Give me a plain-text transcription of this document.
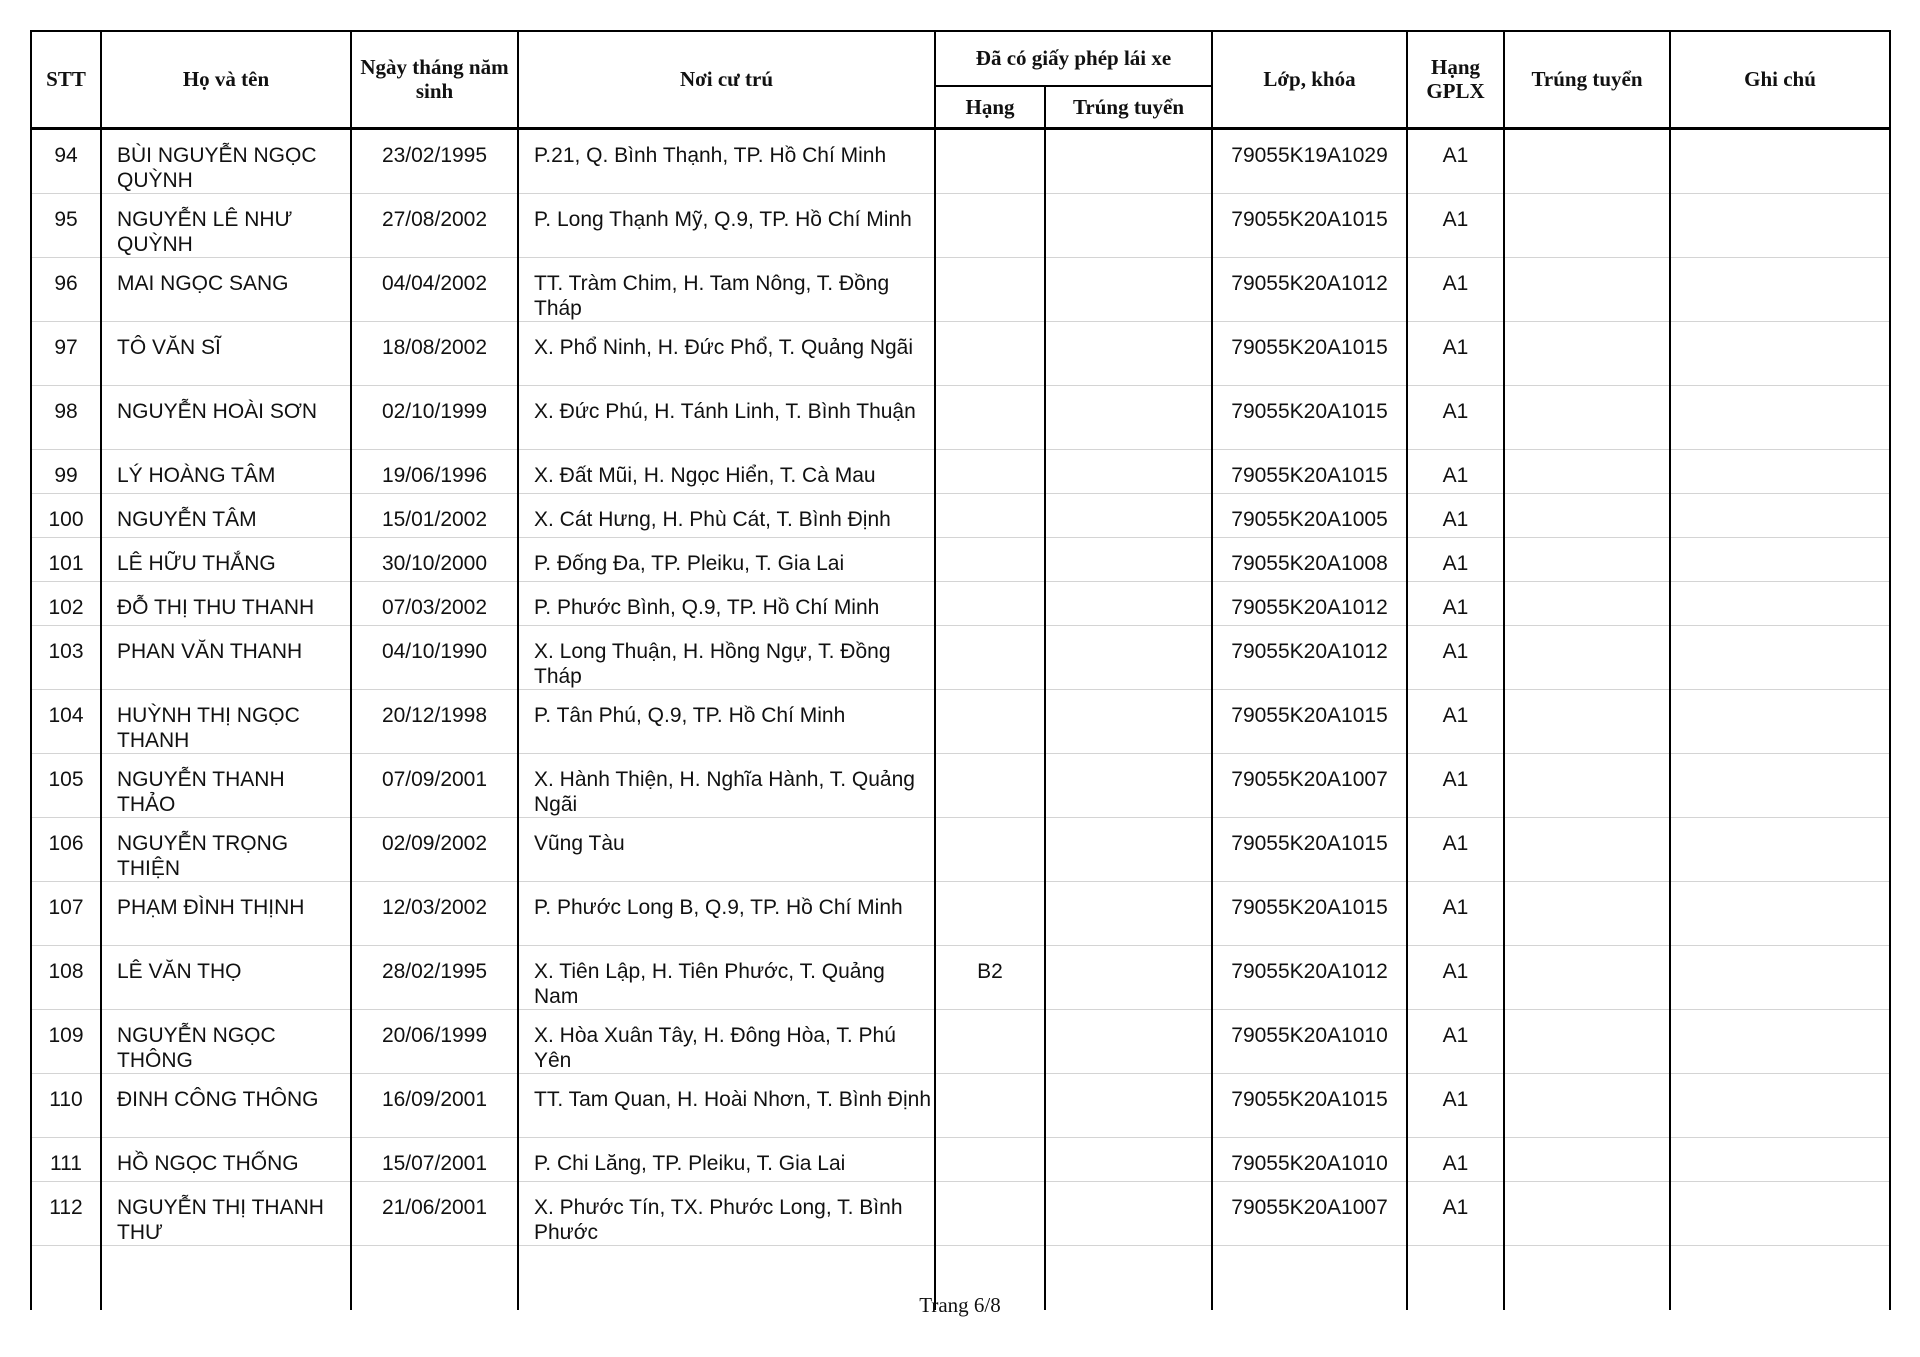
STT	Họ và tên	Ngày tháng năm sinh	Nơi cư trú	Đã có giấy phép lái xe		Lớp, khóa	Hạng GPLX	Trúng tuyển	Ghi chú
				Hạng	Trúng tuyển				
94	BÙI NGUYỄN NGỌC QUỲNH	23/02/1995	P.21, Q. Bình Thạnh, TP. Hồ Chí Minh			79055K19A1029	A1		
95	NGUYỄN LÊ NHƯ QUỲNH	27/08/2002	P. Long Thạnh Mỹ, Q.9, TP. Hồ Chí Minh			79055K20A1015	A1		
96	MAI NGỌC SANG	04/04/2002	TT. Tràm Chim, H. Tam Nông, T. Đồng Tháp			79055K20A1012	A1		
97	TÔ VĂN SĨ	18/08/2002	X. Phổ Ninh, H. Đức Phổ, T. Quảng Ngãi			79055K20A1015	A1		
98	NGUYỄN HOÀI SƠN	02/10/1999	X. Đức Phú, H. Tánh Linh, T. Bình Thuận			79055K20A1015	A1		
99	LÝ HOÀNG TÂM	19/06/1996	X. Đất Mũi, H. Ngọc Hiển, T. Cà Mau			79055K20A1015	A1		
100	NGUYỄN TÂM	15/01/2002	X. Cát Hưng, H. Phù Cát, T. Bình Định			79055K20A1005	A1		
101	LÊ HỮU THẮNG	30/10/2000	P. Đống Đa, TP. Pleiku, T. Gia Lai			79055K20A1008	A1		
102	ĐỖ THỊ THU THANH	07/03/2002	P. Phước Bình, Q.9, TP. Hồ Chí Minh			79055K20A1012	A1		
103	PHAN VĂN THANH	04/10/1990	X. Long Thuận, H. Hồng Ngự, T. Đồng Tháp			79055K20A1012	A1		
104	HUỲNH THỊ NGỌC THANH	20/12/1998	P. Tân Phú, Q.9, TP. Hồ Chí Minh			79055K20A1015	A1		
105	NGUYỄN THANH THẢO	07/09/2001	X. Hành Thiện, H. Nghĩa Hành, T. Quảng Ngãi			79055K20A1007	A1		
106	NGUYỄN TRỌNG THIỆN	02/09/2002	Vũng Tàu			79055K20A1015	A1		
107	PHẠM ĐÌNH THỊNH	12/03/2002	P. Phước Long B, Q.9, TP. Hồ Chí Minh			79055K20A1015	A1		
108	LÊ VĂN THỌ	28/02/1995	X. Tiên Lập, H. Tiên Phước, T. Quảng Nam	B2		79055K20A1012	A1		
109	NGUYỄN NGỌC THÔNG	20/06/1999	X. Hòa Xuân Tây, H. Đông Hòa, T. Phú Yên			79055K20A1010	A1		
110	ĐINH CÔNG THÔNG	16/09/2001	TT. Tam Quan, H. Hoài Nhơn, T. Bình Định			79055K20A1015	A1		
111	HỒ NGỌC THỐNG	15/07/2001	P. Chi Lăng, TP. Pleiku, T. Gia Lai			79055K20A1010	A1		
112	NGUYỄN THỊ THANH THƯ	21/06/2001	X. Phước Tín, TX. Phước Long, T. Bình Phước			79055K20A1007	A1		

Trang 6/8
